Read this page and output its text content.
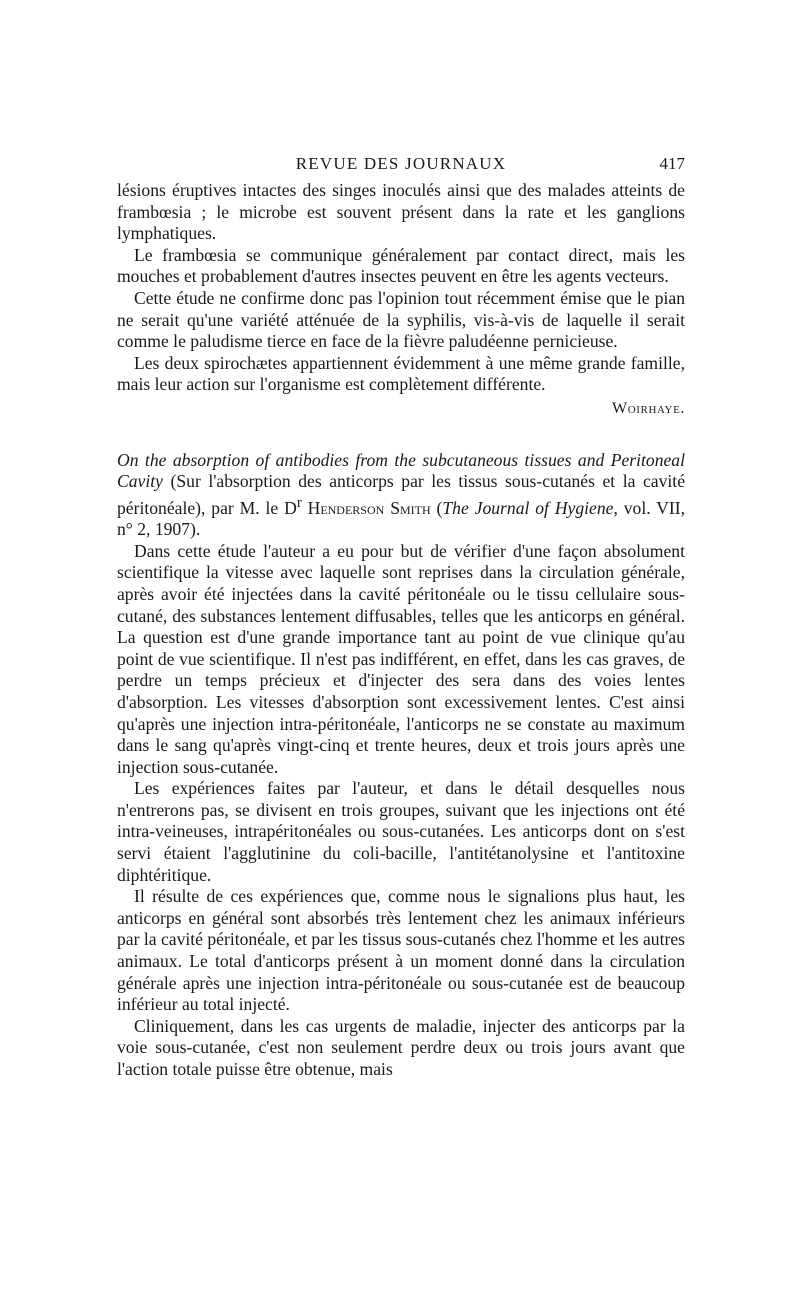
REVUE DES JOURNAUX	417

lésions éruptives intactes des singes inoculés ainsi que des malades atteints de frambœsia ; le microbe est souvent présent dans la rate et les ganglions lymphatiques.

Le frambœsia se communique généralement par contact direct, mais les mouches et probablement d'autres insectes peuvent en être les agents vecteurs.

Cette étude ne confirme donc pas l'opinion tout récemment émise que le pian ne serait qu'une variété atténuée de la syphilis, vis-à-vis de laquelle il serait comme le paludisme tierce en face de la fièvre paludéenne pernicieuse.

Les deux spirochætes appartiennent évidemment à une même grande famille, mais leur action sur l'organisme est complètement différente.

Woirhaye.

On the absorption of antibodies from the subcutaneous tissues and Peritoneal Cavity (Sur l'absorption des anticorps par les tissus sous-cutanés et la cavité péritonéale), par M. le $D^r$ Henderson Smith (The Journal of Hygiene, vol. VII, n° 2, 1907).

Dans cette étude l'auteur a eu pour but de vérifier d'une façon absolument scientifique la vitesse avec laquelle sont reprises dans la circulation générale, après avoir été injectées dans la cavité péritonéale ou le tissu cellulaire sous-cutané, des substances lentement diffusables, telles que les anticorps en général. La question est d'une grande importance tant au point de vue clinique qu'au point de vue scientifique. Il n'est pas indifférent, en effet, dans les cas graves, de perdre un temps précieux et d'injecter des sera dans des voies lentes d'absorption. Les vitesses d'absorption sont excessivement lentes. C'est ainsi qu'après une injection intra-péritonéale, l'anticorps ne se constate au maximum dans le sang qu'après vingt-cinq et trente heures, deux et trois jours après une injection sous-cutanée.

Les expériences faites par l'auteur, et dans le détail desquelles nous n'entrerons pas, se divisent en trois groupes, suivant que les injections ont été intra-veineuses, intrapéritonéales ou sous-cutanées. Les anticorps dont on s'est servi étaient l'agglutinine du coli-bacille, l'antitétanolysine et l'antitoxine diphtéritique.

Il résulte de ces expériences que, comme nous le signalions plus haut, les anticorps en général sont absorbés très lentement chez les animaux inférieurs par la cavité péritonéale, et par les tissus sous-cutanés chez l'homme et les autres animaux. Le total d'anticorps présent à un moment donné dans la circulation générale après une injection intra-péritonéale ou sous-cutanée est de beaucoup inférieur au total injecté.

Cliniquement, dans les cas urgents de maladie, injecter des anticorps par la voie sous-cutanée, c'est non seulement perdre deux ou trois jours avant que l'action totale puisse être obtenue, mais
